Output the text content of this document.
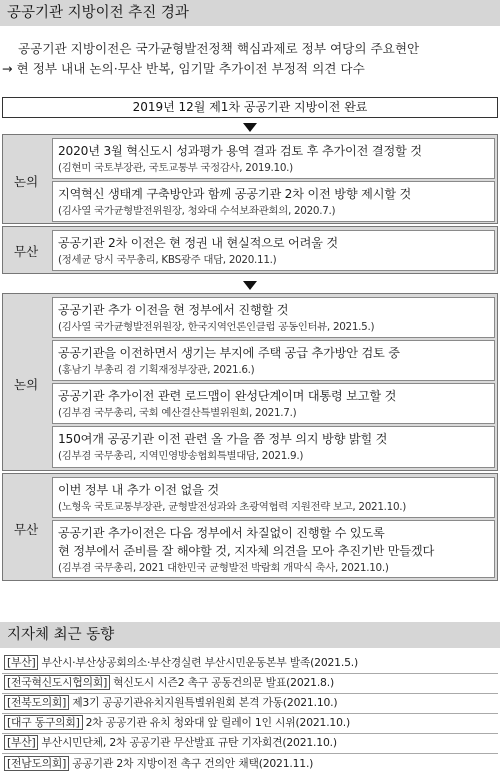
공공기관 지방이전 추진 경과
공공기관 지방이전은 국가균형발전정책 핵심과제로 정부 여당의 주요현안
→ 현 정부 내내 논의·무산 반복, 임기말 추가이전 부정적 의견 다수
2019년 12월 제1차 공공기관 지방이전 완료
논의
2020년 3월 혁신도시 성과평가 용역 결과 검토 후 추가이전 결정할 것
(김현미 국토부장관, 국토교통부 국정감사, 2019.10.)
지역혁신 생태계 구축방안과 함께 공공기관 2차 이전 방향 제시할 것
(김사열 국가균형발전위원장, 청와대 수석보좌관회의, 2020.7.)
무산
공공기관 2차 이전은 현 정권 내 현실적으로 어려울 것
(정세균 당시 국무총리, KBS광주 대담, 2020.11.)
논의
공공기관 추가 이전을 현 정부에서 진행할 것
(김사열 국가균형발전위원장, 한국지역언론인클럽 공동인터뷰, 2021.5.)
공공기관을 이전하면서 생기는 부지에 주택 공급 추가방안 검토 중
(홍남기 부총리 겸 기획재정부장관, 2021.6.)
공공기관 추가이전 관련 로드맵이 완성단계이며 대통령 보고할 것
(김부겸 국무총리, 국회 예산결산특별위원회, 2021.7.)
150여개 공공기관 이전 관련 올 가을 쯤 정부 의지 방향 밝힐 것
(김부겸 국무총리, 지역민영방송협회특별대담, 2021.9.)
무산
이번 정부 내 추가 이전 없을 것
(노형욱 국토교통부장관, 균형발전성과와 초광역협력 지원전략 보고, 2021.10.)
공공기관 추가이전은 다음 정부에서 차질없이 진행할 수 있도록
현 정부에서 준비를 잘 해야할 것, 지자체 의견을 모아 추진기반 만들겠다
(김부겸 국무총리, 2021 대한민국 균형발전 박람회 개막식 축사, 2021.10.)
지자체 최근 동향
[부산] 부산시·부산상공회의소·부산경실련 부산시민운동본부 발족(2021.5.)
[전국혁신도시협의회] 혁신도시 시즌2 촉구 공동건의문 발표(2021.8.)
[전북도의회] 제3기 공공기관유치지원특별위원회 본격 가동(2021.10.)
[대구 동구의회] 2차 공공기관 유치 청와대 앞 릴레이 1인 시위(2021.10.)
[부산] 부산시민단체, 2차 공공기관 무산발표 규탄 기자회견(2021.10.)
[전남도의회] 공공기관 2차 지방이전 촉구 건의안 채택(2021.11.)
